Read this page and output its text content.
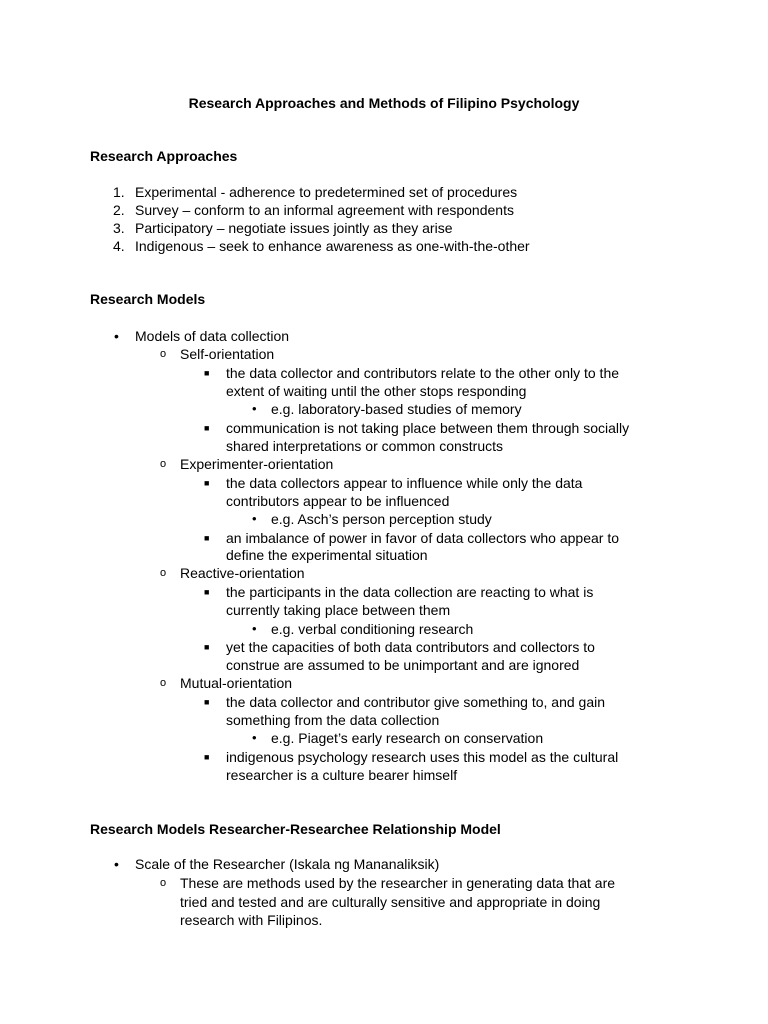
Research Approaches and Methods of Filipino Psychology
Research Approaches
1. Experimental - adherence to predetermined set of procedures
2. Survey – conform to an informal agreement with respondents
3. Participatory – negotiate issues jointly as they arise
4. Indigenous – seek to enhance awareness as one-with-the-other
Research Models
• Models of data collection
o Self-orientation
■ the data collector and contributors relate to the other only to the
extent of waiting until the other stops responding
• e.g. laboratory-based studies of memory
■ communication is not taking place between them through socially
shared interpretations or common constructs
o Experimenter-orientation
■ the data collectors appear to influence while only the data
contributors appear to be influenced
• e.g. Asch’s person perception study
■ an imbalance of power in favor of data collectors who appear to
define the experimental situation
o Reactive-orientation
■ the participants in the data collection are reacting to what is
currently taking place between them
• e.g. verbal conditioning research
■ yet the capacities of both data contributors and collectors to
construe are assumed to be unimportant and are ignored
o Mutual-orientation
■ the data collector and contributor give something to, and gain
something from the data collection
• e.g. Piaget’s early research on conservation
■ indigenous psychology research uses this model as the cultural
researcher is a culture bearer himself
Research Models Researcher-Researchee Relationship Model
• Scale of the Researcher (Iskala ng Mananaliksik)
o These are methods used by the researcher in generating data that are
tried and tested and are culturally sensitive and appropriate in doing
research with Filipinos.
